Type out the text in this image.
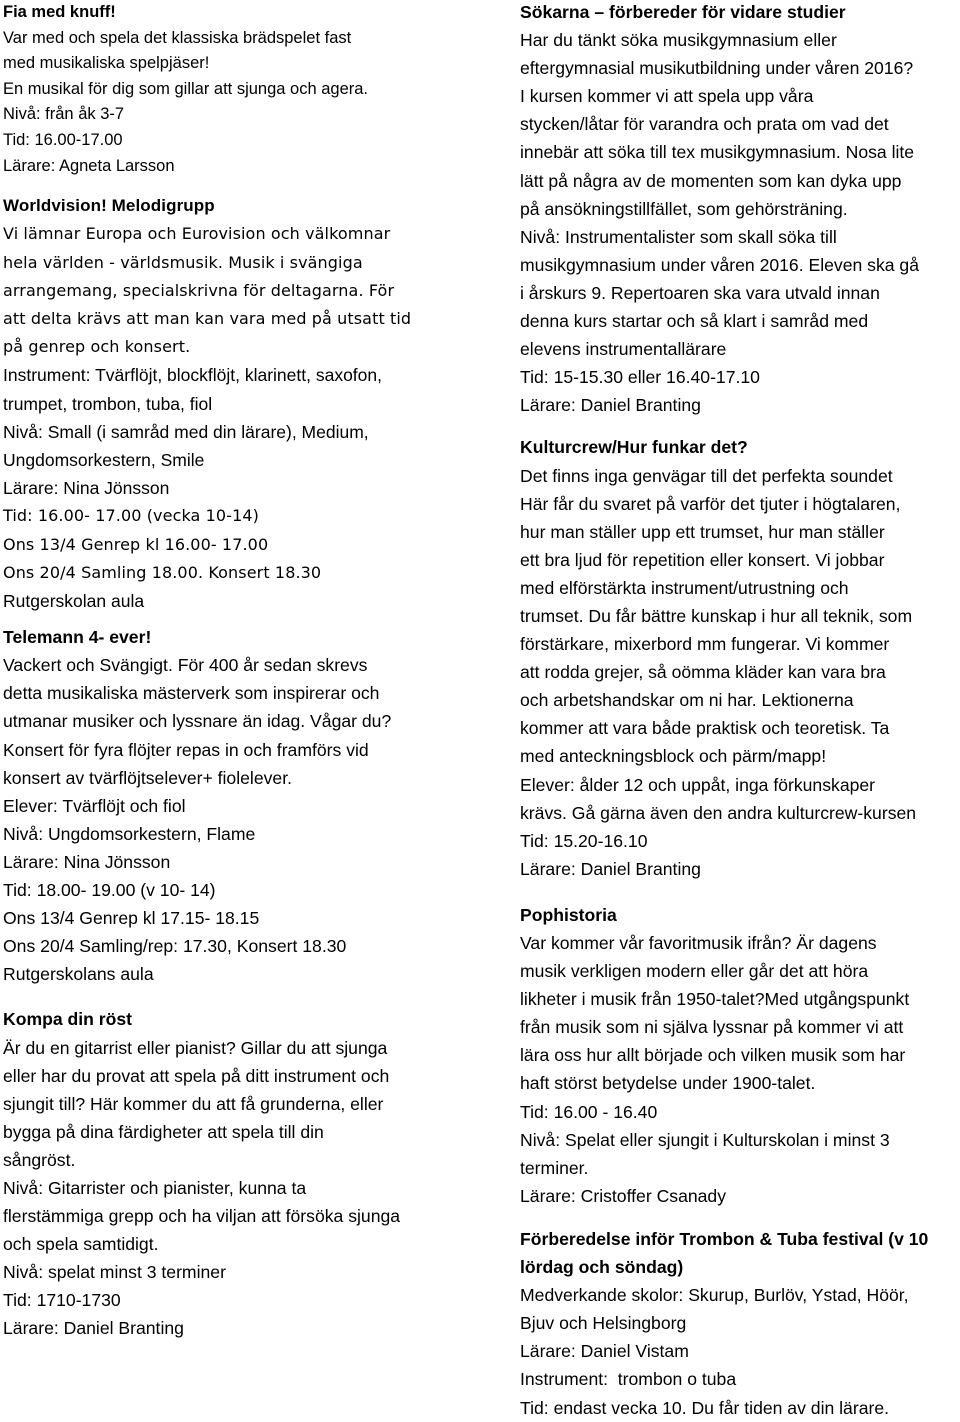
Fia med knuff!
Var med och spela det klassiska brädspelet fast
med musikaliska spelpjäser!
En musikal för dig som gillar att sjunga och agera.
Nivå: från åk 3-7
Tid: 16.00-17.00
Lärare: Agneta Larsson
Worldvision! Melodigrupp
Vi lämnar Europa och Eurovision och välkomnar
hela världen - världsmusik. Musik i svängiga
arrangemang, specialskrivna för deltagarna. För
att delta krävs att man kan vara med på utsatt tid
på genrep och konsert.
Instrument: Tvärflöjt, blockflöjt, klarinett, saxofon,
trumpet, trombon, tuba, fiol
Nivå: Small (i samråd med din lärare), Medium,
Ungdomsorkestern, Smile
Lärare: Nina Jönsson
Tid: 16.00- 17.00 (vecka 10-14)
Ons 13/4 Genrep kl 16.00- 17.00
Ons 20/4 Samling 18.00. Konsert 18.30
Rutgerskolan aula
Telemann 4- ever!
Vackert och Svängigt. För 400 år sedan skrevs
detta musikaliska mästerverk som inspirerar och
utmanar musiker och lyssnare än idag. Vågar du?
Konsert för fyra flöjter repas in och framförs vid
konsert av tvärflöjtselever+ fiolelever.
Elever: Tvärflöjt och fiol
Nivå: Ungdomsorkestern, Flame
Lärare: Nina Jönsson
Tid: 18.00- 19.00 (v 10- 14)
Ons 13/4 Genrep kl 17.15- 18.15
Ons 20/4 Samling/rep: 17.30, Konsert 18.30
Rutgerskolans aula
Kompa din röst
Är du en gitarrist eller pianist? Gillar du att sjunga
eller har du provat att spela på ditt instrument och
sjungit till? Här kommer du att få grunderna, eller
bygga på dina färdigheter att spela till din
sångröst.
Nivå: Gitarrister och pianister, kunna ta
flerstämmiga grepp och ha viljan att försöka sjunga
och spela samtidigt.
Nivå: spelat minst 3 terminer
Tid: 1710-1730
Lärare: Daniel Branting
Sökarna – förbereder för vidare studier
Har du tänkt söka musikgymnasium eller
eftergymnasial musikutbildning under våren 2016?
I kursen kommer vi att spela upp våra
stycken/låtar för varandra och prata om vad det
innebär att söka till tex musikgymnasium. Nosa lite
lätt på några av de momenten som kan dyka upp
på ansökningstillfället, som gehörsträning.
Nivå: Instrumentalister som skall söka till
musikgymnasium under våren 2016. Eleven ska gå
i årskurs 9. Repertoaren ska vara utvald innan
denna kurs startar och så klart i samråd med
elevens instrumentallärare
Tid: 15-15.30 eller 16.40-17.10
Lärare: Daniel Branting
Kulturcrew/Hur funkar det?
Det finns inga genvägar till det perfekta soundet
Här får du svaret på varför det tjuter i högtalaren,
hur man ställer upp ett trumset, hur man ställer
ett bra ljud för repetition eller konsert. Vi jobbar
med elförstärkta instrument/utrustning och
trumset. Du får bättre kunskap i hur all teknik, som
förstärkare, mixerbord mm fungerar. Vi kommer
att rodda grejer, så oömma kläder kan vara bra
och arbetshandskar om ni har. Lektionerna
kommer att vara både praktisk och teoretisk. Ta
med anteckningsblock och pärm/mapp!
Elever: ålder 12 och uppåt, inga förkunskaper
krävs. Gå gärna även den andra kulturcrew-kursen
Tid: 15.20-16.10
Lärare: Daniel Branting
Pophistoria
Var kommer vår favoritmusik ifrån? Är dagens
musik verkligen modern eller går det att höra
likheter i musik från 1950-talet?Med utgångspunkt
från musik som ni själva lyssnar på kommer vi att
lära oss hur allt började och vilken musik som har
haft störst betydelse under 1900-talet.
Tid: 16.00 - 16.40
Nivå: Spelat eller sjungit i Kulturskolan i minst 3
terminer.
Lärare: Cristoffer Csanady
Förberedelse inför Trombon & Tuba festival (v 10
lördag och söndag)
Medverkande skolor: Skurup, Burlöv, Ystad, Höör,
Bjuv och Helsingborg
Lärare: Daniel Vistam
Instrument:  trombon o tuba
Tid: endast vecka 10. Du får tiden av din lärare.
